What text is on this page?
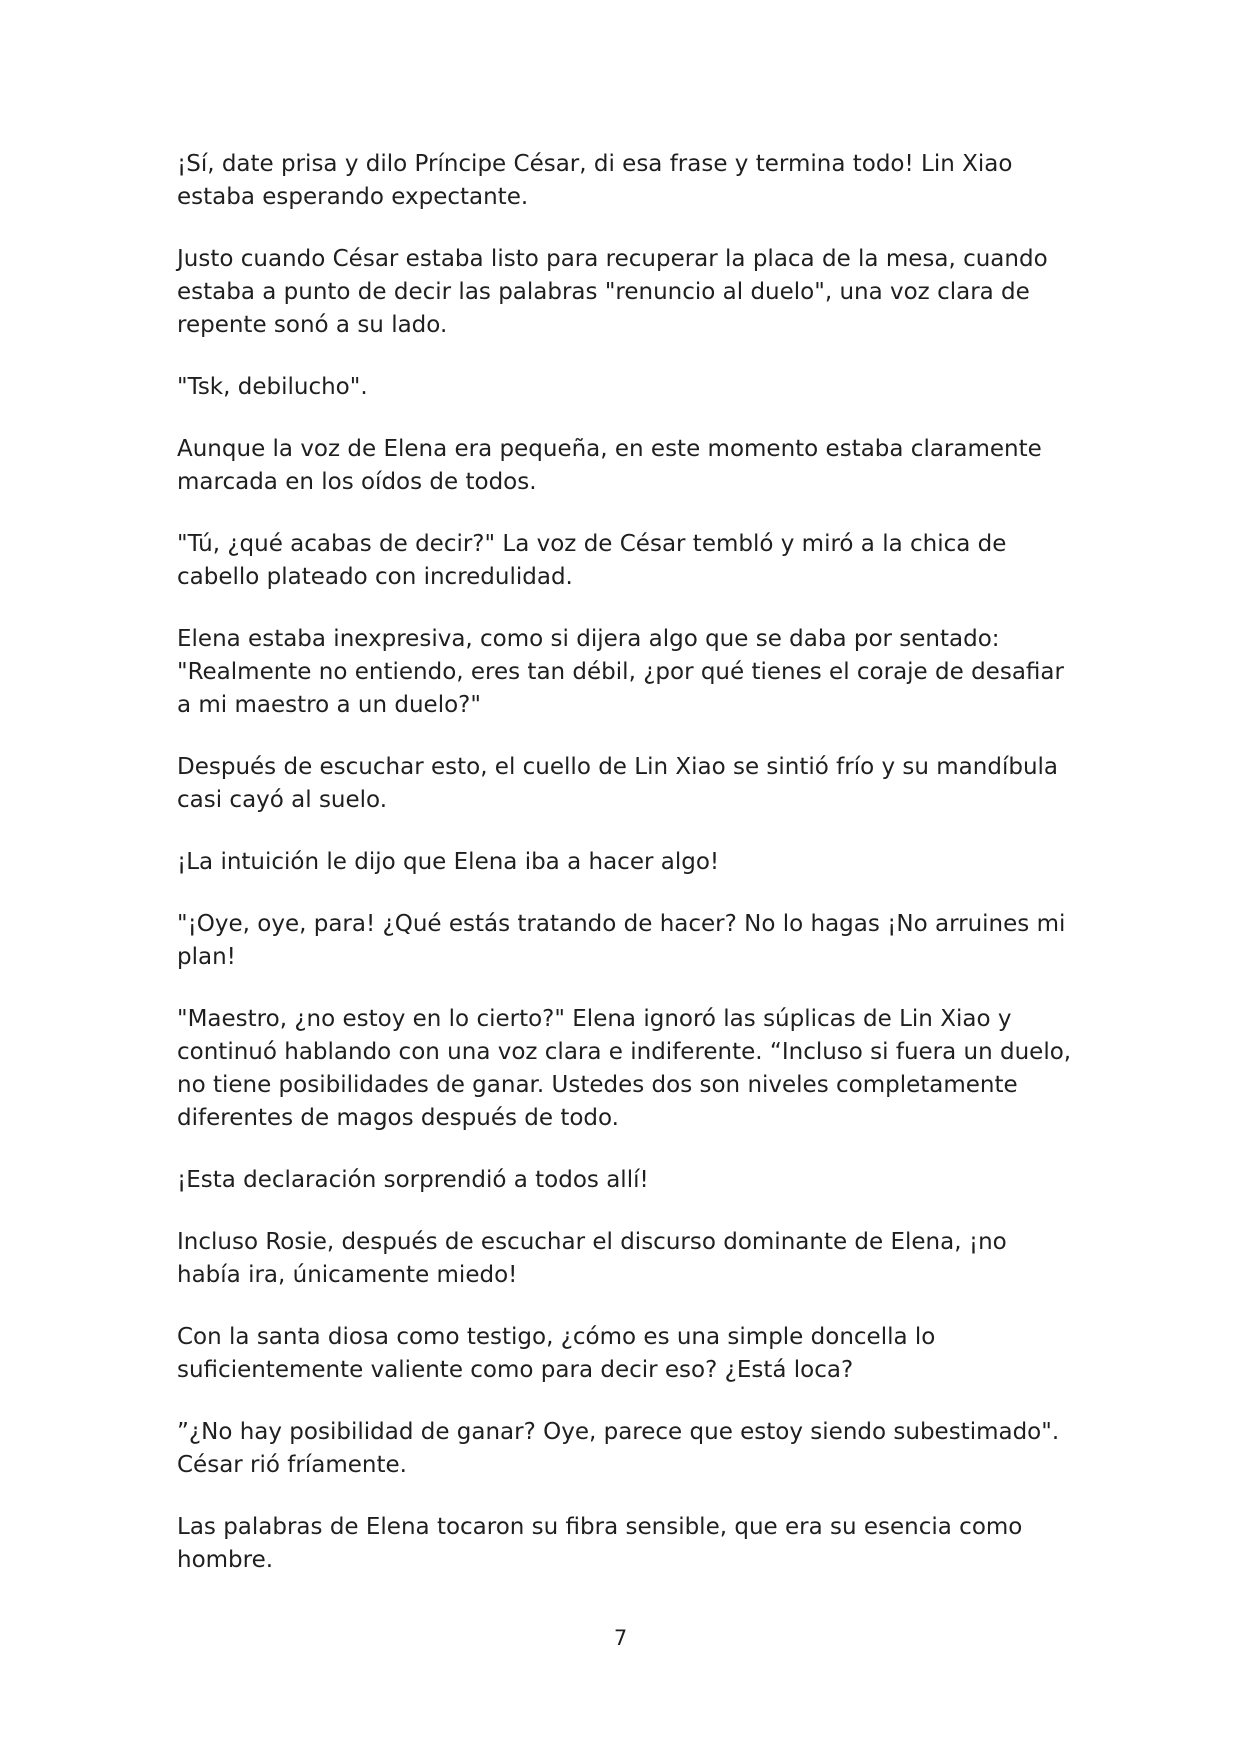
¡Sí, date prisa y dilo Príncipe César, di esa frase y termina todo! Lin Xiao estaba esperando expectante.

Justo cuando César estaba listo para recuperar la placa de la mesa, cuando estaba a punto de decir las palabras "renuncio al duelo", una voz clara de repente sonó a su lado.

"Tsk, debilucho".

Aunque la voz de Elena era pequeña, en este momento estaba claramente marcada en los oídos de todos.

"Tú, ¿qué acabas de decir?" La voz de César tembló y miró a la chica de cabello plateado con incredulidad.

Elena estaba inexpresiva, como si dijera algo que se daba por sentado: "Realmente no entiendo, eres tan débil, ¿por qué tienes el coraje de desafiar a mi maestro a un duelo?"

Después de escuchar esto, el cuello de Lin Xiao se sintió frío y su mandíbula casi cayó al suelo.

¡La intuición le dijo que Elena iba a hacer algo!

"¡Oye, oye, para! ¿Qué estás tratando de hacer? No lo hagas ¡No arruines mi plan!

"Maestro, ¿no estoy en lo cierto?" Elena ignoró las súplicas de Lin Xiao y continuó hablando con una voz clara e indiferente. “Incluso si fuera un duelo, no tiene posibilidades de ganar. Ustedes dos son niveles completamente diferentes de magos después de todo.

¡Esta declaración sorprendió a todos allí!

Incluso Rosie, después de escuchar el discurso dominante de Elena, ¡no había ira, únicamente miedo!

Con la santa diosa como testigo, ¿cómo es una simple doncella lo suficientemente valiente como para decir eso? ¿Está loca?

”¿No hay posibilidad de ganar? Oye, parece que estoy siendo subestimado". César rió fríamente.

Las palabras de Elena tocaron su fibra sensible, que era su esencia como hombre.

7
